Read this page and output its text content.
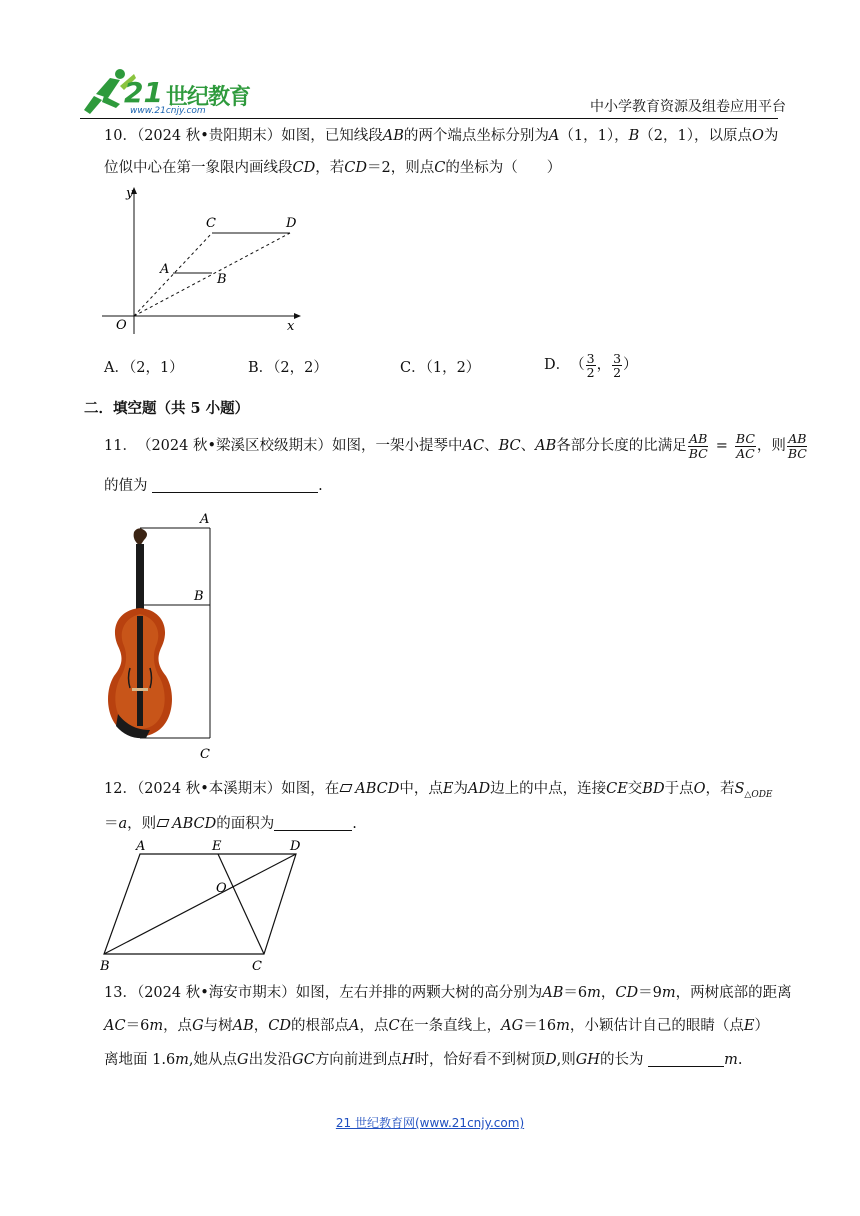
21 世纪教育
www.21cnjy.com	中小学教育资源及组卷应用平台
10．（2024 秋•贵阳期末）如图，已知线段AB的两个端点坐标分别为A（1，1），B（2，1），以原点O为
位似中心在第一象限内画线段CD，若CD＝2，则点C的坐标为（　　）
y
x
O
A
B
C	D
A．（2，1）	B．（2，2）	C．（1，2）	D． （ $\frac{3}{2}$ ， $\frac{3}{2}$ ）
二．填空题（共 5 小题）
11． （2024 秋•梁溪区校级期末） 如图，一架小提琴中 AC 、 BC 、 AB 各部分长度的比满足 $\frac{AB}{BC} = \frac{BC}{AC}$ ，则 $\frac{AB}{BC}$
的值为	.
A
B
C
12．（2024 秋•本溪期末）如图，在 ABCD中，点E为AD边上的中点，连接CE交BD于点O，若$S_{\triangle ODE}$
＝a，则 ABCD的面积为	.
A	E	D
O
B	C
13．（2024 秋•海安市期末）如图，左右并排的两颗大树的高分别为AB＝6m，CD＝9m，两树底部的距离
AC＝6m，点G与树AB，CD的根部点A，点C在一条直线上，AG＝16m，小颖估计自己的眼睛（点E）
离地面 1.6m,她从点G出发沿GC方向前进到点H时，恰好看不到树顶D,则GH的长为	m.
21 世纪教育网(www.21cnjy.com)
